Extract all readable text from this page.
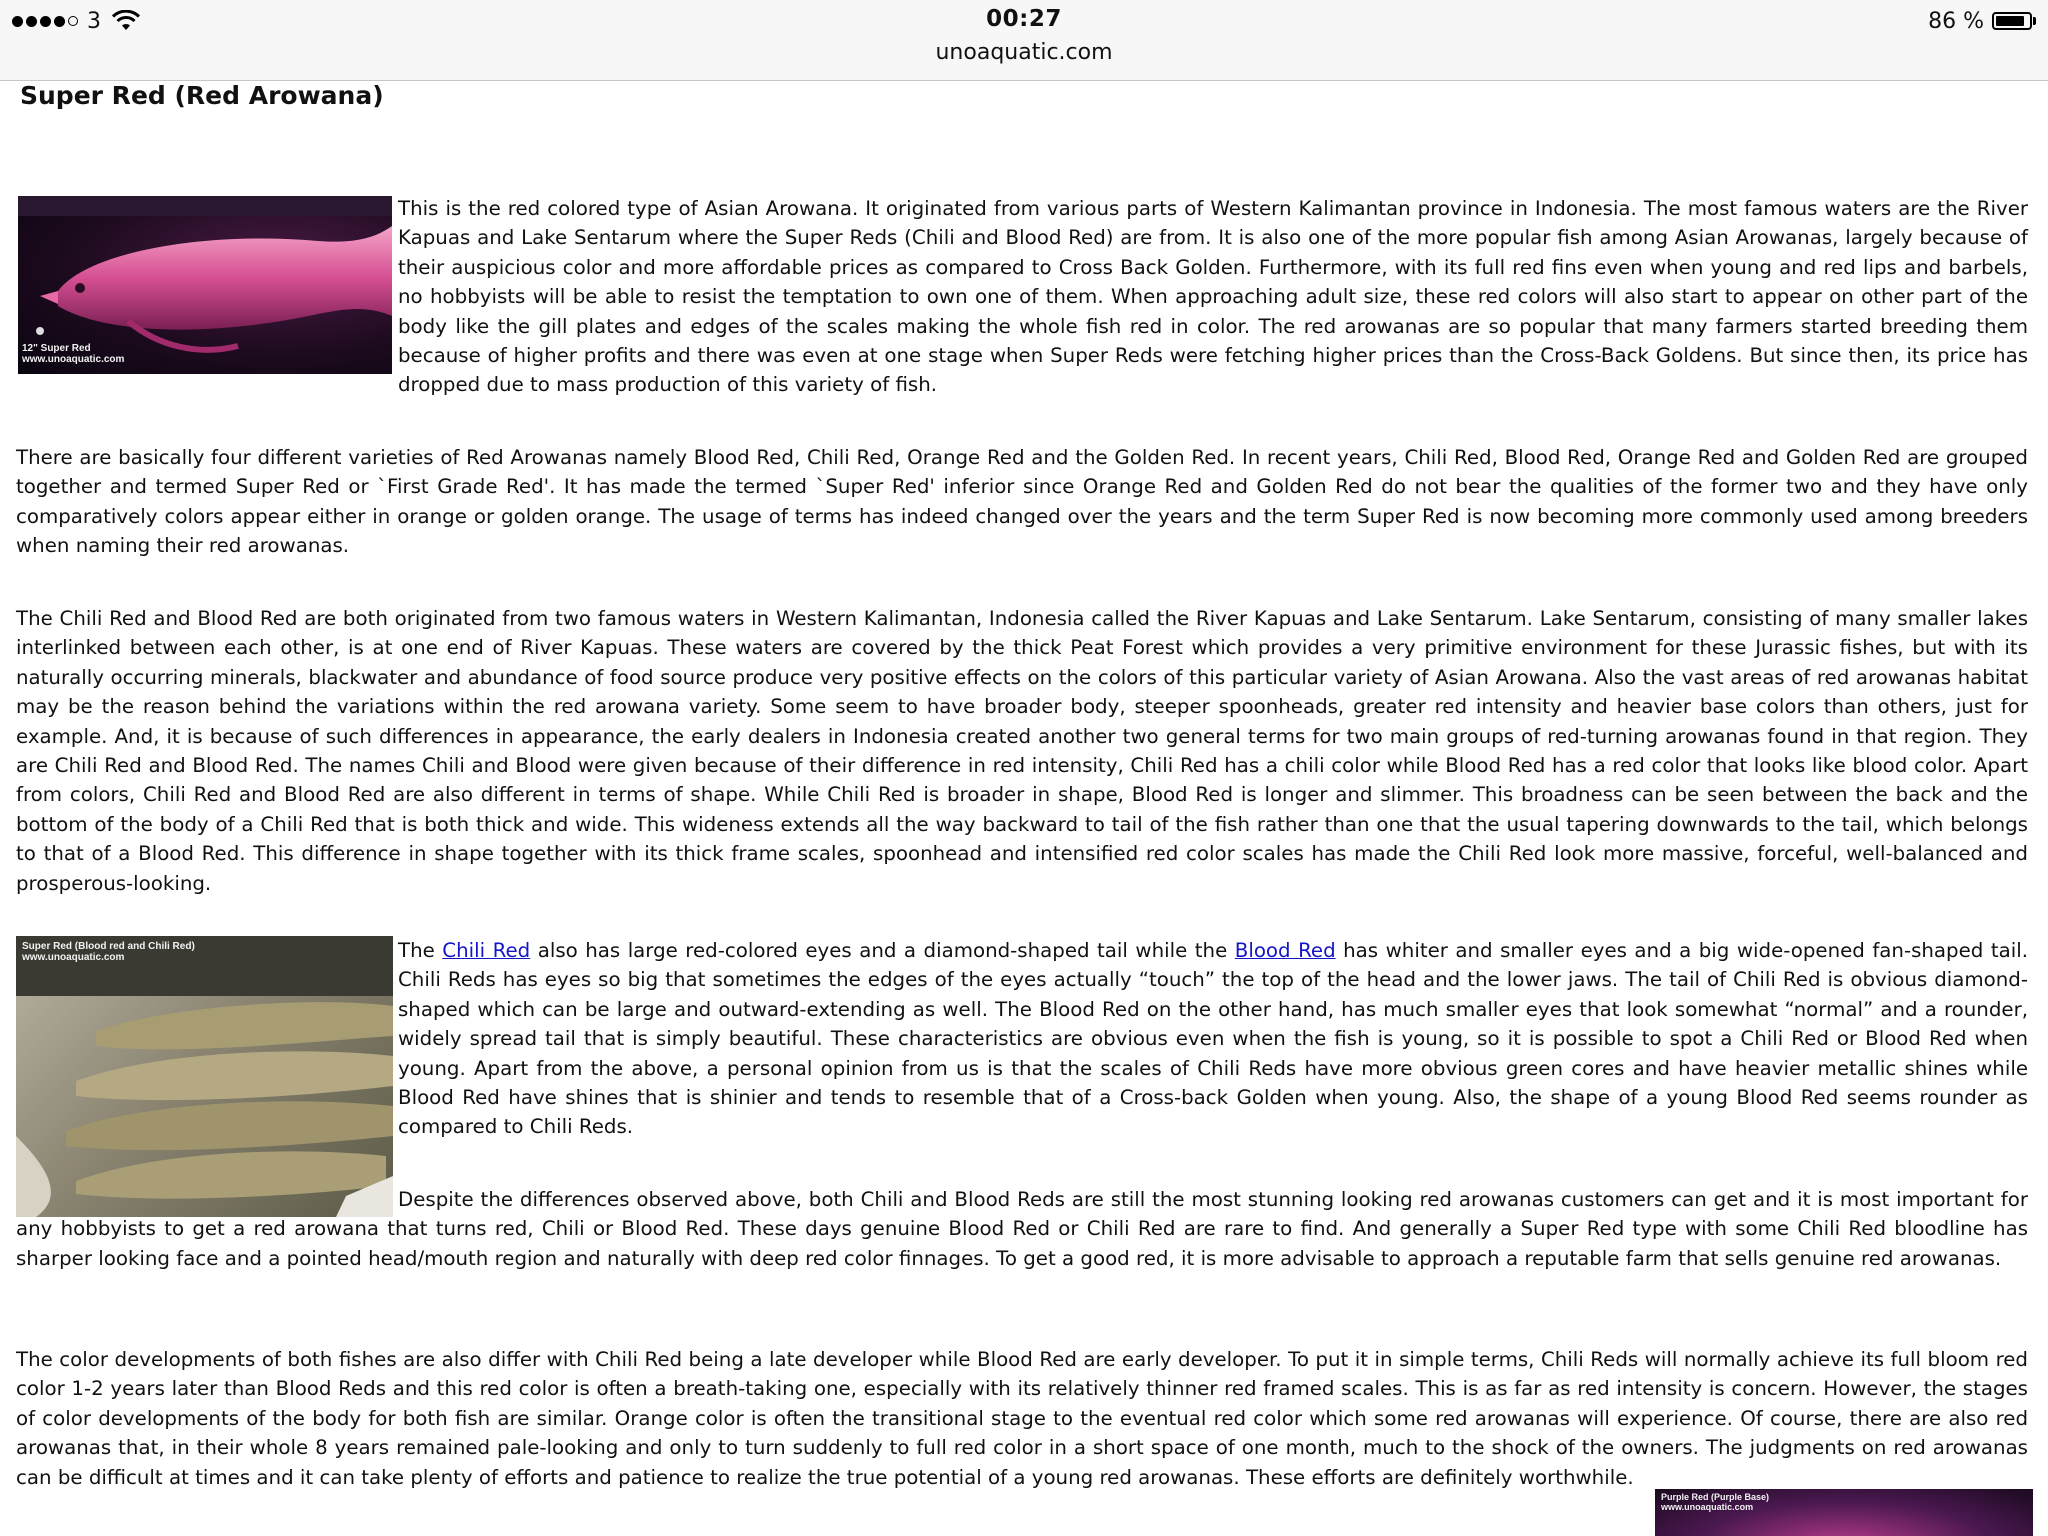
3	00:27	86 %
unoaquatic.com
Super Red (Red Arowana)
12" Super Red
www.unoaquatic.com

This is the red colored type of Asian Arowana. It originated from various parts of Western Kalimantan province in Indonesia. The most famous waters are the River Kapuas and Lake Sentarum where the Super Reds (Chili and Blood Red) are from. It is also one of the more popular fish among Asian Arowanas, largely because of their auspicious color and more affordable prices as compared to Cross Back Golden. Furthermore, with its full red fins even when young and red lips and barbels, no hobbyists will be able to resist the temptation to own one of them. When approaching adult size, these red colors will also start to appear on other part of the body like the gill plates and edges of the scales making the whole fish red in color. The red arowanas are so popular that many farmers started breeding them because of higher profits and there was even at one stage when Super Reds were fetching higher prices than the Cross-Back Goldens. But since then, its price has dropped due to mass production of this variety of fish.

There are basically four different varieties of Red Arowanas namely Blood Red, Chili Red, Orange Red and the Golden Red. In recent years, Chili Red, Blood Red, Orange Red and Golden Red are grouped together and termed Super Red or `First Grade Red'. It has made the termed `Super Red' inferior since Orange Red and Golden Red do not bear the qualities of the former two and they have only comparatively colors appear either in orange or golden orange. The usage of terms has indeed changed over the years and the term Super Red is now becoming more commonly used among breeders when naming their red arowanas.

The Chili Red and Blood Red are both originated from two famous waters in Western Kalimantan, Indonesia called the River Kapuas and Lake Sentarum. Lake Sentarum, consisting of many smaller lakes interlinked between each other, is at one end of River Kapuas. These waters are covered by the thick Peat Forest which provides a very primitive environment for these Jurassic fishes, but with its naturally occurring minerals, blackwater and abundance of food source produce very positive effects on the colors of this particular variety of Asian Arowana. Also the vast areas of red arowanas habitat may be the reason behind the variations within the red arowana variety. Some seem to have broader body, steeper spoonheads, greater red intensity and heavier base colors than others, just for example. And, it is because of such differences in appearance, the early dealers in Indonesia created another two general terms for two main groups of red-turning arowanas found in that region. They are Chili Red and Blood Red. The names Chili and Blood were given because of their difference in red intensity, Chili Red has a chili color while Blood Red has a red color that looks like blood color. Apart from colors, Chili Red and Blood Red are also different in terms of shape. While Chili Red is broader in shape, Blood Red is longer and slimmer. This broadness can be seen between the back and the bottom of the body of a Chili Red that is both thick and wide. This wideness extends all the way backward to tail of the fish rather than one that the usual tapering downwards to the tail, which belongs to that of a Blood Red. This difference in shape together with its thick frame scales, spoonhead and intensified red color scales has made the Chili Red look more massive, forceful, well-balanced and prosperous-looking.

Super Red (Blood red and Chili Red)
www.unoaquatic.com	The Chili Red also has large red-colored eyes and a diamond-shaped tail while the Blood Red has whiter and smaller eyes and a big wide-opened fan-shaped tail. Chili Reds has eyes so big that sometimes the edges of the eyes actually “touch” the top of the head and the lower jaws. The tail of Chili Red is obvious diamond-shaped which can be large and outward-extending as well. The Blood Red on the other hand, has much smaller eyes that look somewhat “normal” and a rounder, widely spread tail that is simply beautiful. These characteristics are obvious even when the fish is young, so it is possible to spot a Chili Red or Blood Red when young. Apart from the above, a personal opinion from us is that the scales of Chili Reds have more obvious green cores and have heavier metallic shines while Blood Red have shines that is shinier and tends to resemble that of a Cross-back Golden when young. Also, the shape of a young Blood Red seems rounder as compared to Chili Reds.

Despite the differences observed above, both Chili and Blood Reds are still the most stunning looking red arowanas customers can get and it is most important for any hobbyists to get a red arowana that turns red, Chili or Blood Red. These days genuine Blood Red or Chili Red are rare to find. And generally a Super Red type with some Chili Red bloodline has sharper looking face and a pointed head/mouth region and naturally with deep red color finnages. To get a good red, it is more advisable to approach a reputable farm that sells genuine red arowanas.

The color developments of both fishes are also differ with Chili Red being a late developer while Blood Red are early developer. To put it in simple terms, Chili Reds will normally achieve its full bloom red color 1-2 years later than Blood Reds and this red color is often a breath-taking one, especially with its relatively thinner red framed scales. This is as far as red intensity is concern. However, the stages of color developments of the body for both fish are similar. Orange color is often the transitional stage to the eventual red color which some red arowanas will experience. Of course, there are also red arowanas that, in their whole 8 years remained pale-looking and only to turn suddenly to full red color in a short space of one month, much to the shock of the owners. The judgments on red arowanas can be difficult at times and it can take plenty of efforts and patience to realize the true potential of a young red arowanas. These efforts are definitely worthwhile.

Purple Red (Purple Base)
www.unoaquatic.com
